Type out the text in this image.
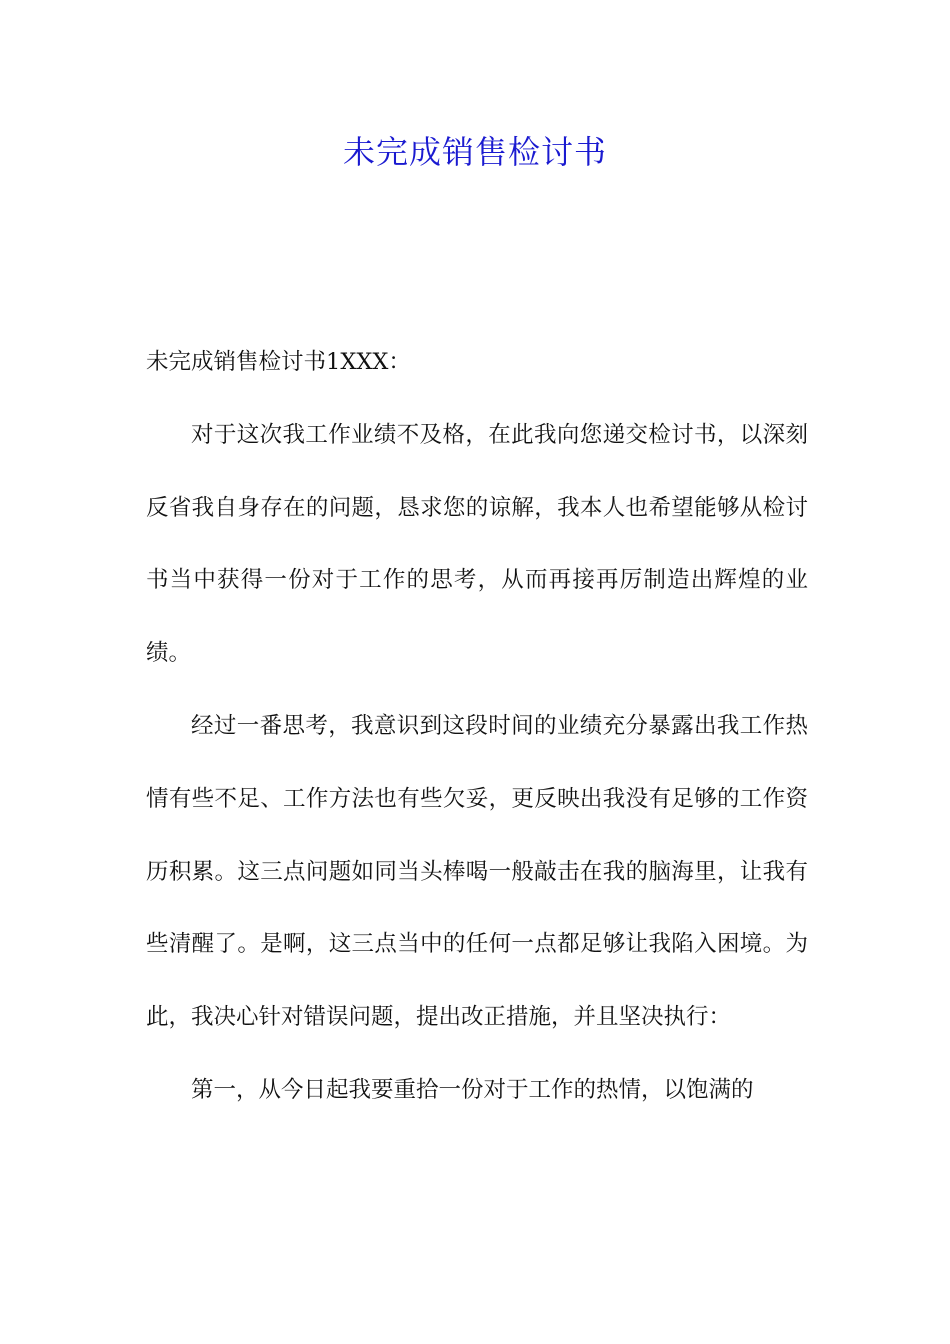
未完成销售检讨书

未完成销售检讨书1XXX：

对于这次我工作业绩不及格，在此我向您递交检讨书，以深刻反省我自身存在的问题，恳求您的谅解，我本人也希望能够从检讨书当中获得一份对于工作的思考，从而再接再厉制造出辉煌的业绩。

经过一番思考，我意识到这段时间的业绩充分暴露出我工作热情有些不足、工作方法也有些欠妥，更反映出我没有足够的工作资历积累。这三点问题如同当头棒喝一般敲击在我的脑海里，让我有些清醒了。是啊，这三点当中的任何一点都足够让我陷入困境。为此，我决心针对错误问题，提出改正措施，并且坚决执行：

第一，从今日起我要重拾一份对于工作的热情，以饱满的
